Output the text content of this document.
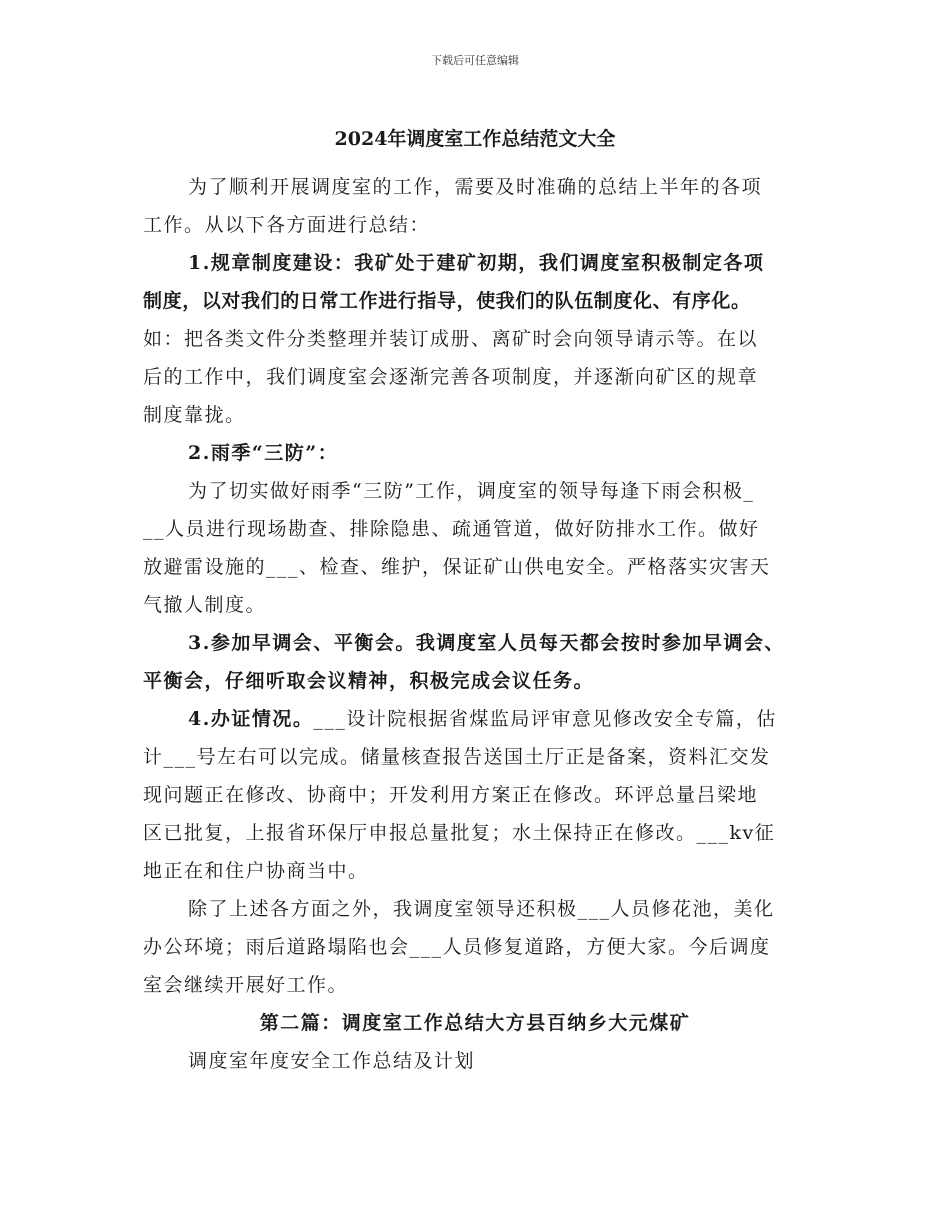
下载后可任意编辑
2024年调度室工作总结范文大全
为了顺利开展调度室的工作，需要及时准确的总结上半年的各项
工作。从以下各方面进行总结：
1.规章制度建设：我矿处于建矿初期，我们调度室积极制定各项
制度，以对我们的日常工作进行指导，使我们的队伍制度化、有序化。
如：把各类文件分类整理并装订成册、离矿时会向领导请示等。在以
后的工作中，我们调度室会逐渐完善各项制度，并逐渐向矿区的规章
制度靠拢。
2.雨季“三防”：
为了切实做好雨季“三防”工作，调度室的领导每逢下雨会积极_
__人员进行现场勘查、排除隐患、疏通管道，做好防排水工作。做好
放避雷设施的___、检查、维护，保证矿山供电安全。严格落实灾害天
气撤人制度。
3.参加早调会、平衡会。我调度室人员每天都会按时参加早调会、
平衡会，仔细听取会议精神，积极完成会议任务。
4.办证情况。___设计院根据省煤监局评审意见修改安全专篇，估
计___号左右可以完成。储量核查报告送国土厅正是备案，资料汇交发
现问题正在修改、协商中；开发利用方案正在修改。环评总量吕梁地
区已批复，上报省环保厅申报总量批复；水土保持正在修改。___kv征
地正在和住户协商当中。
除了上述各方面之外，我调度室领导还积极___人员修花池，美化
办公环境；雨后道路塌陷也会___人员修复道路，方便大家。今后调度
室会继续开展好工作。
第二篇：调度室工作总结大方县百纳乡大元煤矿
调度室年度安全工作总结及计划
